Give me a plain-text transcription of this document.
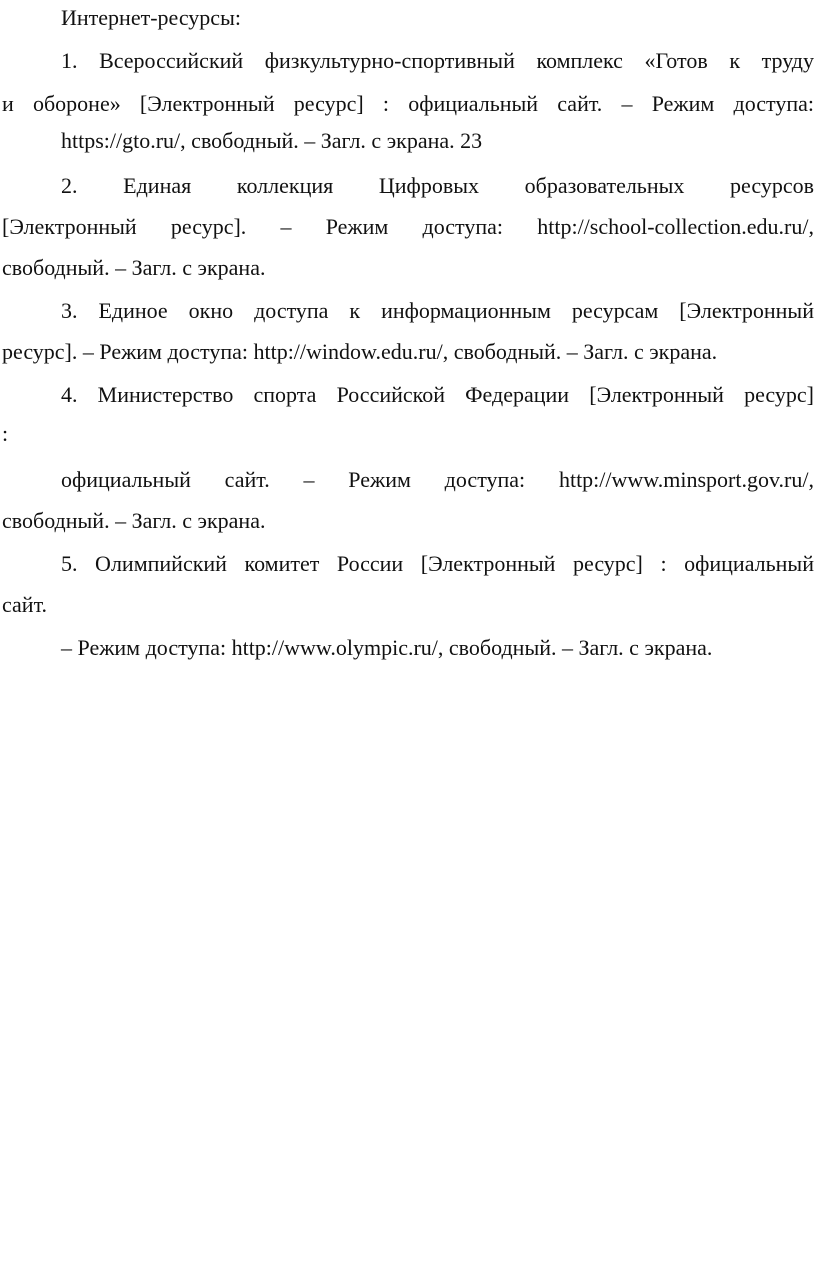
Интернет-ресурсы:
1. Всероссийский физкультурно-спортивный комплекс «Готов к труду
и обороне» [Электронный ресурс] : официальный сайт. – Режим доступа:
https://gto.ru/, свободный. – Загл. с экрана. 23
2. Единая коллекция Цифровых образовательных ресурсов
[Электронный ресурс]. – Режим доступа: http://school-collection.edu.ru/,
свободный. – Загл. с экрана.
3. Единое окно доступа к информационным ресурсам [Электронный
ресурс]. – Режим доступа: http://window.edu.ru/, свободный. – Загл. с экрана.
4. Министерство спорта Российской Федерации [Электронный ресурс]
:
официальный сайт. – Режим доступа: http://www.minsport.gov.ru/,
свободный. – Загл. с экрана.
5. Олимпийский комитет России [Электронный ресурс] : официальный
сайт.
– Режим доступа: http://www.olympic.ru/, свободный. – Загл. с экрана.
